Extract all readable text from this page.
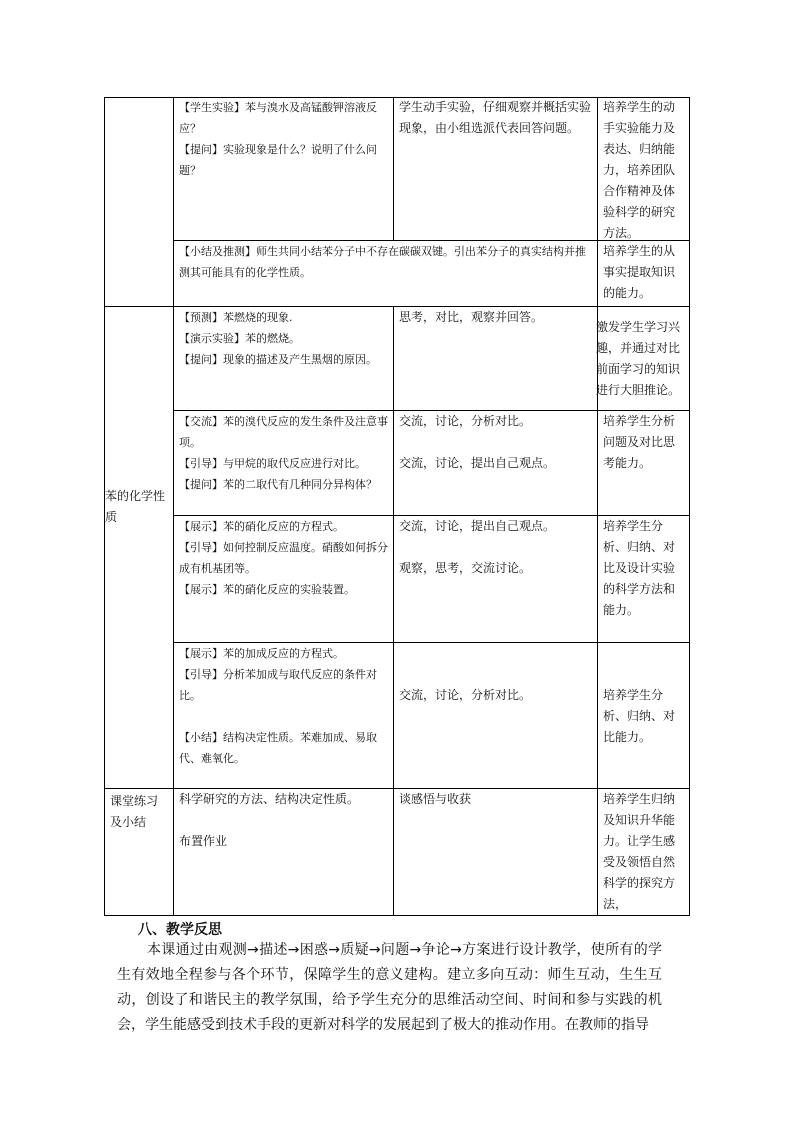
【学生实验】苯与溴水及高锰酸钾溶液反应？

【提问】实验现象是什么？说明了什么问题？

学生动手实验，仔细观察并概括实验现象，由小组选派代表回答问题。

培养学生的动手实验能力及表达、归纳能力，培养团队合作精神及体验科学的研究方法。

【小结及推测】师生共同小结苯分子中不存在碳碳双键。引出苯分子的真实结构并推测其可能具有的化学性质。

培养学生的从事实提取知识的能力。

苯的化学性质

【预测】苯燃烧的现象.

【演示实验】苯的燃烧。

【提问】现象的描述及产生黑烟的原因。

思考，对比，观察并回答。

激发学生学习兴趣，并通过对比前面学习的知识进行大胆推论。

【交流】苯的溴代反应的发生条件及注意事项。

【引导】与甲烷的取代反应进行对比。

【提问】苯的二取代有几种同分异构体？

交流，讨论，分析对比。

交流，讨论，提出自己观点。

培养学生分析问题及对比思考能力。

【展示】苯的硝化反应的方程式。

【引导】如何控制反应温度。硝酸如何拆分成有机基团等。

【展示】苯的硝化反应的实验装置。

交流，讨论，提出自己观点。

观察，思考，交流讨论。

培养学生分析、归纳、对比及设计实验的科学方法和能力。

【展示】苯的加成反应的方程式。

【引导】分析苯加成与取代反应的条件对比。

【小结】结构决定性质。苯难加成、易取代、难氧化。

交流，讨论，分析对比。	培养学生分析、归纳、对比能力。

课堂练习及小结

科学研究的方法、结构决定性质。

布置作业

谈感悟与收获	培养学生归纳及知识升华能力。让学生感受及领悟自然科学的探究方法，

八、教学反思
本课通过由观测→描述→困惑→质疑→问题→争论→方案进行设计教学，使所有的学生有效地全程参与各个环节，保障学生的意义建构。建立多向互动：师生互动，生生互动，创设了和谐民主的教学氛围，给予学生充分的思维活动空间、时间和参与实践的机会，学生能感受到技术手段的更新对科学的发展起到了极大的推动作用。在教师的指导
